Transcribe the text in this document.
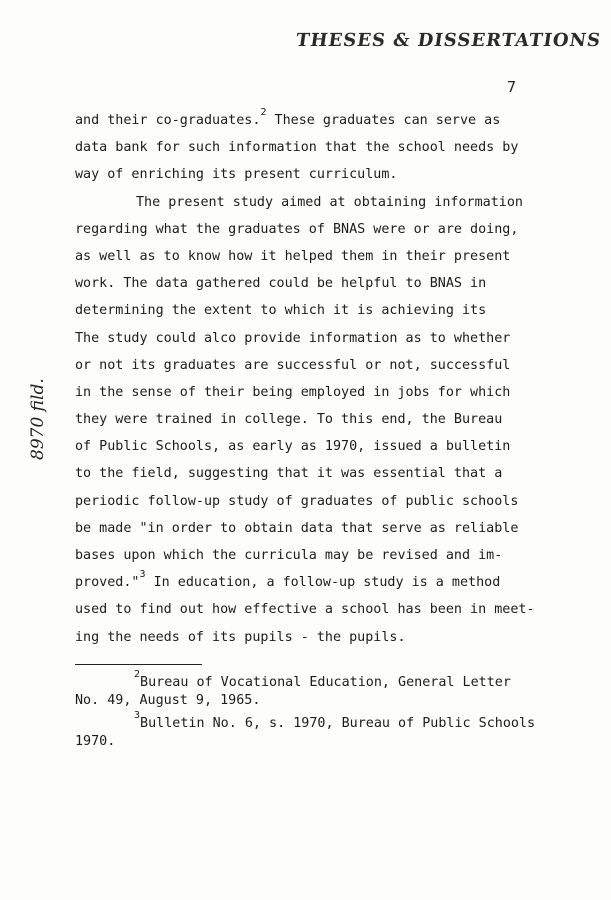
THESES & DISSERTATIONS
7
8970 fild.
and their co-graduates.$^2$ These graduates can serve as
data bank for such information that the school needs by
way of enriching its present curriculum.
The present study aimed at obtaining information
regarding what the graduates of BNAS were or are doing,
as well as to know how it helped them in their present
work. The data gathered could be helpful to BNAS in
determining the extent to which it is achieving its
The study could alco provide information as to whether
or not its graduates are successful or not, successful
in the sense of their being employed in jobs for which
they were trained in college. To this end, the Bureau
of Public Schools, as early as 1970, issued a bulletin
to the field, suggesting that it was essential that a
periodic follow-up study of graduates of public schools
be made "in order to obtain data that serve as reliable
bases upon which the curricula may be revised and im-
proved."$^3$ In education, a follow-up study is a method
used to find out how effective a school has been in meet-
ing the needs of its pupils - the pupils.
$^2$Bureau of Vocational Education, General Letter
No. 49, August 9, 1965.
$^3$Bulletin No. 6, s. 1970, Bureau of Public Schools
1970.
